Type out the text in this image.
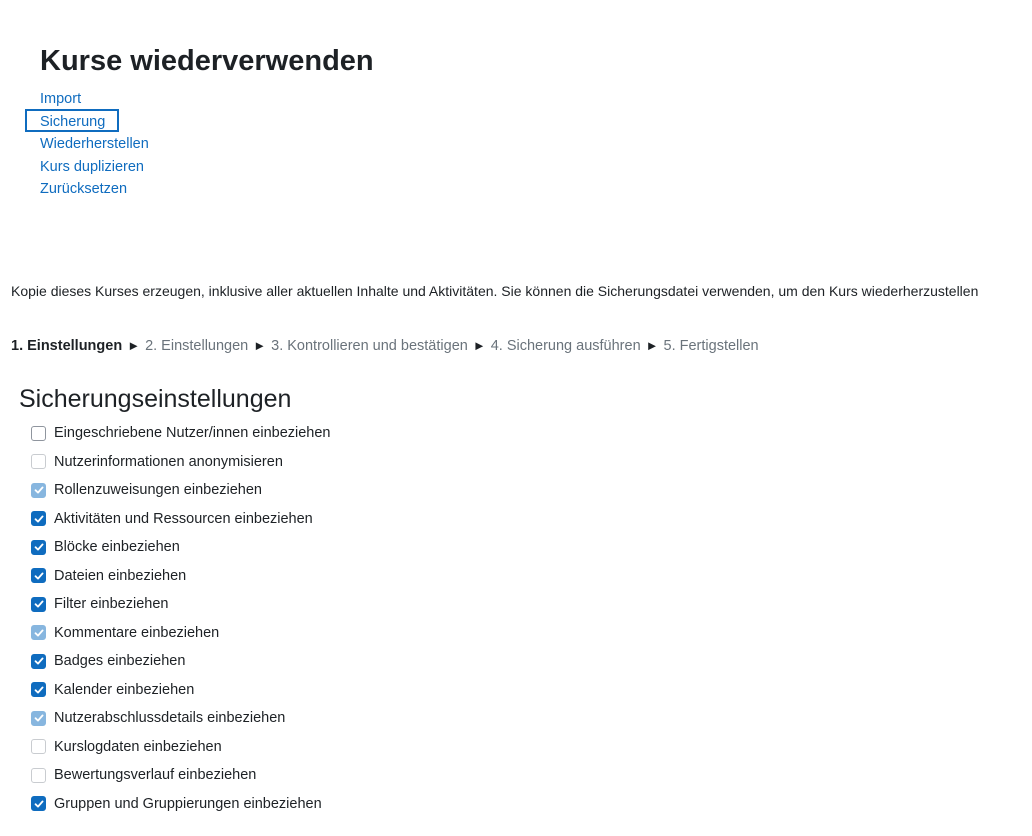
Kurse wiederverwenden
Import
Sicherung
Wiederherstellen
Kurs duplizieren
Zurücksetzen
Kopie dieses Kurses erzeugen, inklusive aller aktuellen Inhalte und Aktivitäten. Sie können die Sicherungsdatei verwenden, um den Kurs wiederherzustellen
1. Einstellungen ► 2. Einstellungen ► 3. Kontrollieren und bestätigen ► 4. Sicherung ausführen ► 5. Fertigstellen
Sicherungseinstellungen
Eingeschriebene Nutzer/innen einbeziehen
Nutzerinformationen anonymisieren
Rollenzuweisungen einbeziehen
Aktivitäten und Ressourcen einbeziehen
Blöcke einbeziehen
Dateien einbeziehen
Filter einbeziehen
Kommentare einbeziehen
Badges einbeziehen
Kalender einbeziehen
Nutzerabschlussdetails einbeziehen
Kurslogdaten einbeziehen
Bewertungsverlauf einbeziehen
Gruppen und Gruppierungen einbeziehen
